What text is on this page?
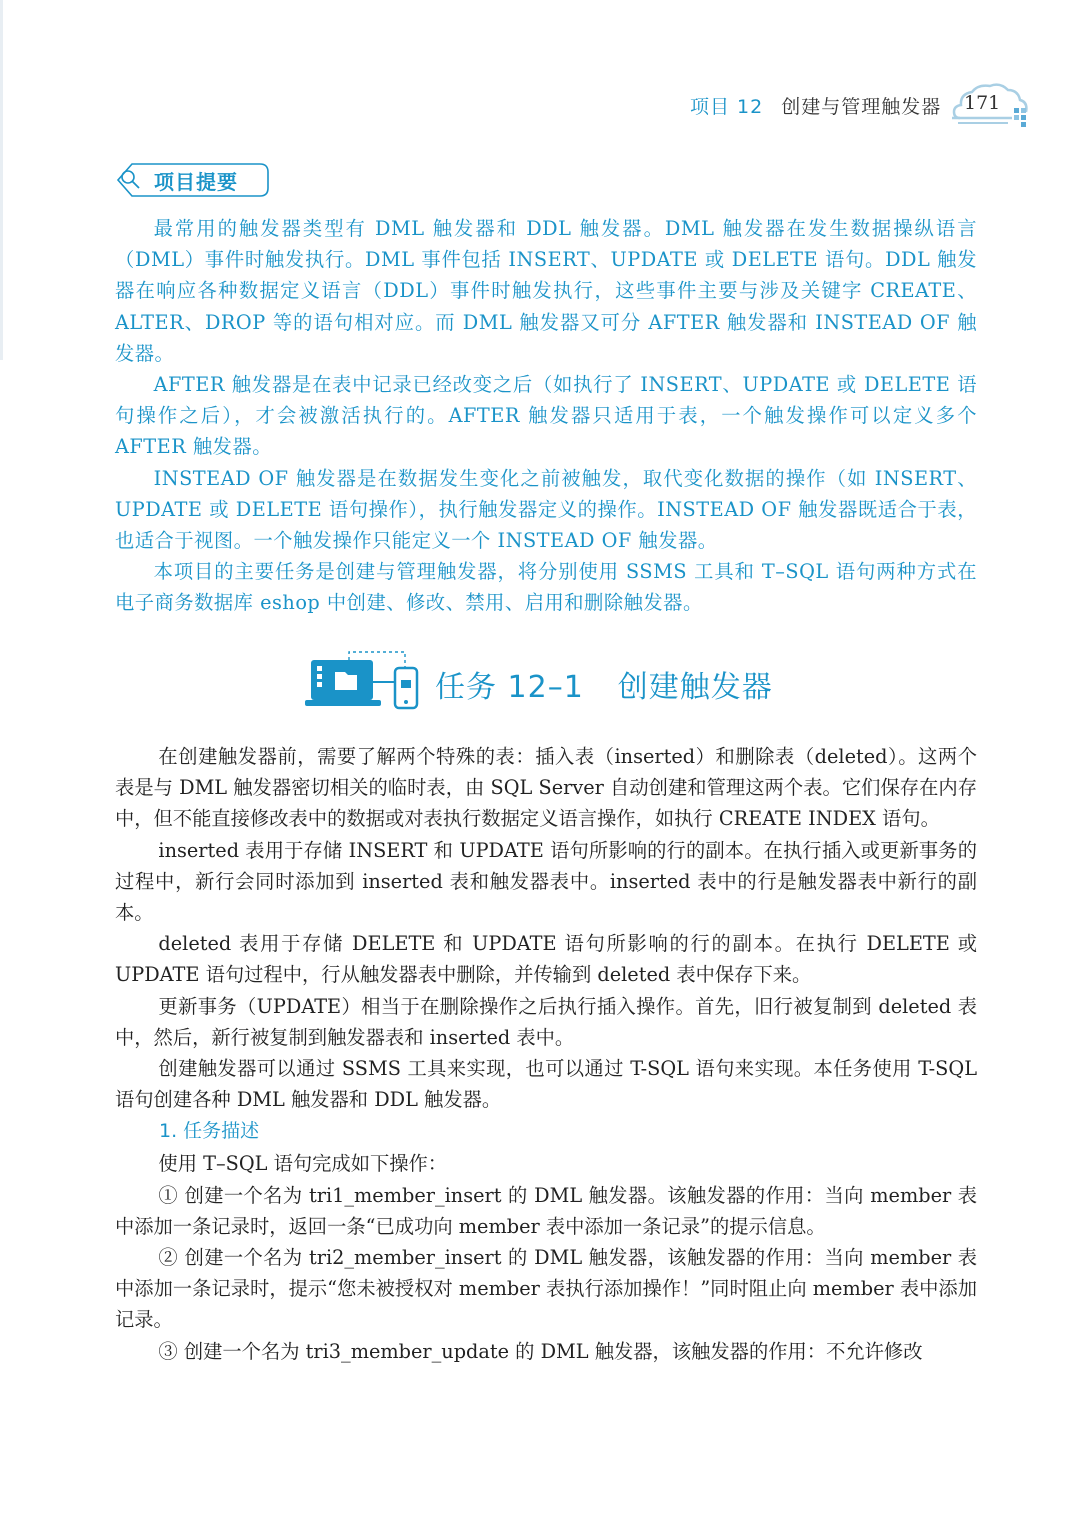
项目 12 创建与管理触发器 171
项目提要

最常用的触发器类型有 DML 触发器和 DDL 触发器。DML 触发器在发生数据操纵语言（DML）事件时触发执行。DML 事件包括 INSERT、UPDATE 或 DELETE 语句。DDL 触发器在响应各种数据定义语言（DDL）事件时触发执行，这些事件主要与涉及关键字 CREATE、ALTER、DROP 等的语句相对应。而 DML 触发器又可分 AFTER 触发器和 INSTEAD OF 触发器。

AFTER 触发器是在表中记录已经改变之后（如执行了 INSERT、UPDATE 或 DELETE 语句操作之后），才会被激活执行的。AFTER 触发器只适用于表，一个触发操作可以定义多个 AFTER 触发器。

INSTEAD OF 触发器是在数据发生变化之前被触发，取代变化数据的操作（如 INSERT、UPDATE 或 DELETE 语句操作），执行触发器定义的操作。INSTEAD OF 触发器既适合于表，也适合于视图。一个触发操作只能定义一个 INSTEAD OF 触发器。

本项目的主要任务是创建与管理触发器，将分别使用 SSMS 工具和 T–SQL 语句两种方式在电子商务数据库 eshop 中创建、修改、禁用、启用和删除触发器。

任务 12–1 创建触发器

在创建触发器前，需要了解两个特殊的表：插入表（inserted）和删除表（deleted）。这两个表是与 DML 触发器密切相关的临时表，由 SQL Server 自动创建和管理这两个表。它们保存在内存中，但不能直接修改表中的数据或对表执行数据定义语言操作，如执行 CREATE INDEX 语句。

inserted 表用于存储 INSERT 和 UPDATE 语句所影响的行的副本。在执行插入或更新事务的过程中，新行会同时添加到 inserted 表和触发器表中。inserted 表中的行是触发器表中新行的副本。

deleted 表用于存储 DELETE 和 UPDATE 语句所影响的行的副本。在执行 DELETE 或 UPDATE 语句过程中，行从触发器表中删除，并传输到 deleted 表中保存下来。

更新事务（UPDATE）相当于在删除操作之后执行插入操作。首先，旧行被复制到 deleted 表中，然后，新行被复制到触发器表和 inserted 表中。

创建触发器可以通过 SSMS 工具来实现，也可以通过 T-SQL 语句来实现。本任务使用 T-SQL 语句创建各种 DML 触发器和 DDL 触发器。

1. 任务描述

使用 T–SQL 语句完成如下操作：

① 创建一个名为 tri1_member_insert 的 DML 触发器。该触发器的作用：当向 member 表中添加一条记录时，返回一条“已成功向 member 表中添加一条记录”的提示信息。

② 创建一个名为 tri2_member_insert 的 DML 触发器，该触发器的作用：当向 member 表中添加一条记录时，提示“您未被授权对 member 表执行添加操作！”同时阻止向 member 表中添加记录。

③ 创建一个名为 tri3_member_update 的 DML 触发器，该触发器的作用：不允许修改
